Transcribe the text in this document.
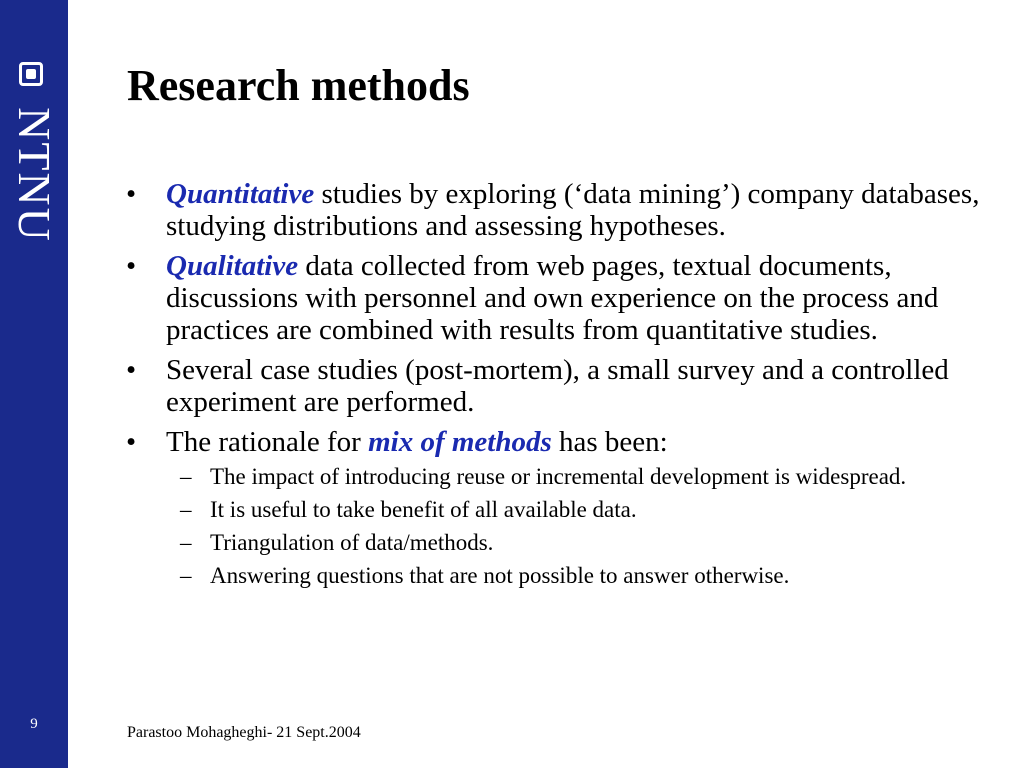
NTNU
9
Research methods
• Quantitative studies by exploring (‘data mining’) company databases, studying distributions and assessing hypotheses.
• Qualitative data collected from web pages, textual documents, discussions with personnel and own experience on the process and practices are combined with results from quantitative studies.
• Several case studies (post-mortem), a small survey and a controlled experiment are performed.
• The rationale for mix of methods has been:
– The impact of introducing reuse or incremental development is widespread.
– It is useful to take benefit of all available data.
– Triangulation of data/methods.
– Answering questions that are not possible to answer otherwise.
Parastoo Mohagheghi- 21 Sept.2004
